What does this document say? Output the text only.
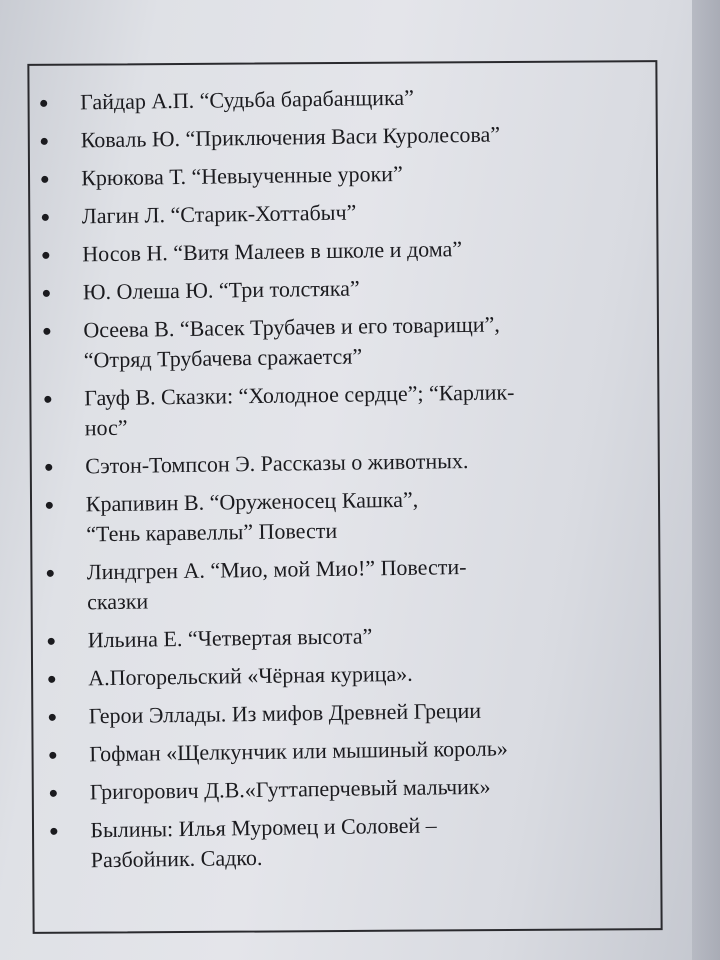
Гайдар А.П. “Судьба барабанщика”
Коваль Ю. “Приключения Васи Куролесова”
Крюкова Т. “Невыученные уроки”
Лагин Л. “Старик-Хоттабыч”
Носов Н. “Витя Малеев в школе и дома”
Ю. Олеша Ю. “Три толстяка”
Осеева В. “Васек Трубачев и его товарищи”,
“Отряд Трубачева сражается”
Гауф В. Сказки: “Холодное сердце”; “Карлик-
нос”
Сэтон-Томпсон Э. Рассказы о животных.
Крапивин В. “Оруженосец Кашка”,
“Тень каравеллы” Повести
Линдгрен А. “Мио, мой Мио!” Повести-
сказки
Ильина Е. “Четвертая высота”
А.Погорельский «Чёрная курица».
Герои Эллады. Из мифов Древней Греции
Гофман «Щелкунчик или мышиный король»
Григорович Д.В.«Гуттаперчевый мальчик»
Былины: Илья Муромец и Соловей –
Разбойник. Садко.
